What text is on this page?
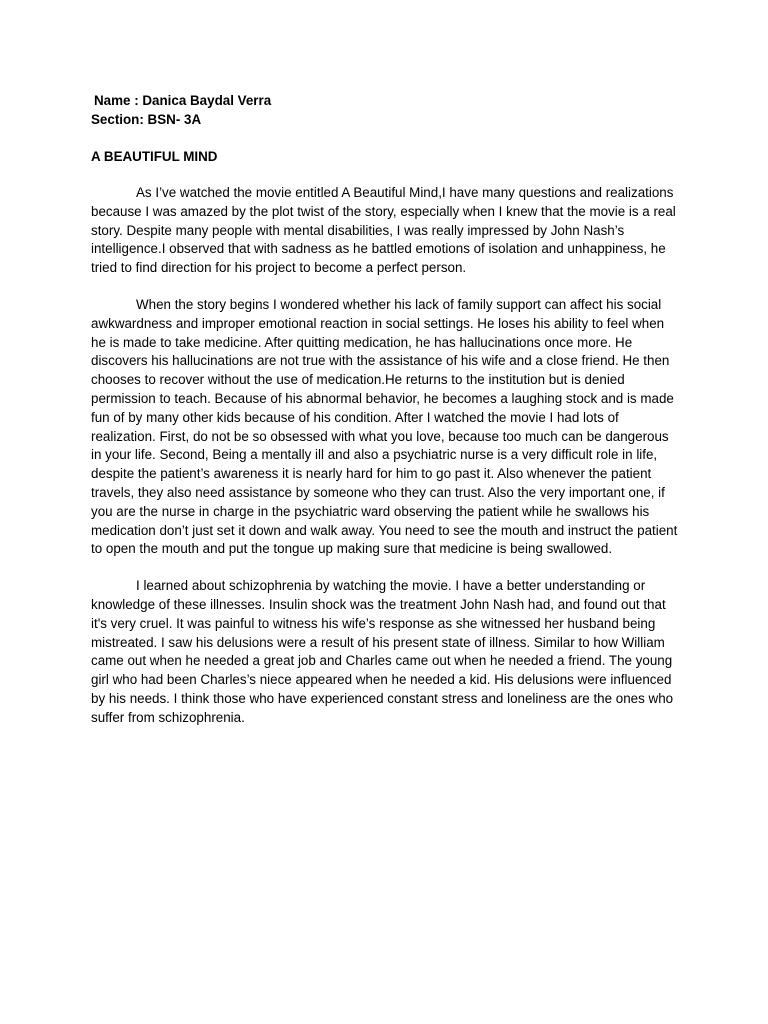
Name : Danica Baydal Verra

Section: BSN- 3A

A BEAUTIFUL MIND

As I’ve watched the movie entitled A Beautiful Mind,I have many questions and realizations because I was amazed by the plot twist of the story, especially when I knew that the movie is a real story. Despite many people with mental disabilities, I was really impressed by John Nash’s intelligence.I observed that with sadness as he battled emotions of isolation and unhappiness, he tried to find direction for his project to become a perfect person.

When the story begins I wondered whether his lack of family support can affect his social awkwardness and improper emotional reaction in social settings. He loses his ability to feel when he is made to take medicine. After quitting medication, he has hallucinations once more. He discovers his hallucinations are not true with the assistance of his wife and a close friend. He then chooses to recover without the use of medication.He returns to the institution but is denied permission to teach. Because of his abnormal behavior, he becomes a laughing stock and is made fun of by many other kids because of his condition. After I watched the movie I had lots of realization. First, do not be so obsessed with what you love, because too much can be dangerous in your life. Second, Being a mentally ill and also a psychiatric nurse is a very difficult role in life, despite the patient’s awareness it is nearly hard for him to go past it. Also whenever the patient travels, they also need assistance by someone who they can trust. Also the very important one, if you are the nurse in charge in the psychiatric ward observing the patient while he swallows his medication don’t just set it down and walk away. You need to see the mouth and instruct the patient to open the mouth and put the tongue up making sure that medicine is being swallowed.

I learned about schizophrenia by watching the movie. I have a better understanding or knowledge of these illnesses. Insulin shock was the treatment John Nash had, and found out that it's very cruel. It was painful to witness his wife’s response as she witnessed her husband being mistreated. I saw his delusions were a result of his present state of illness. Similar to how William came out when he needed a great job and Charles came out when he needed a friend. The young girl who had been Charles’s niece appeared when he needed a kid. His delusions were influenced by his needs. I think those who have experienced constant stress and loneliness are the ones who suffer from schizophrenia.
